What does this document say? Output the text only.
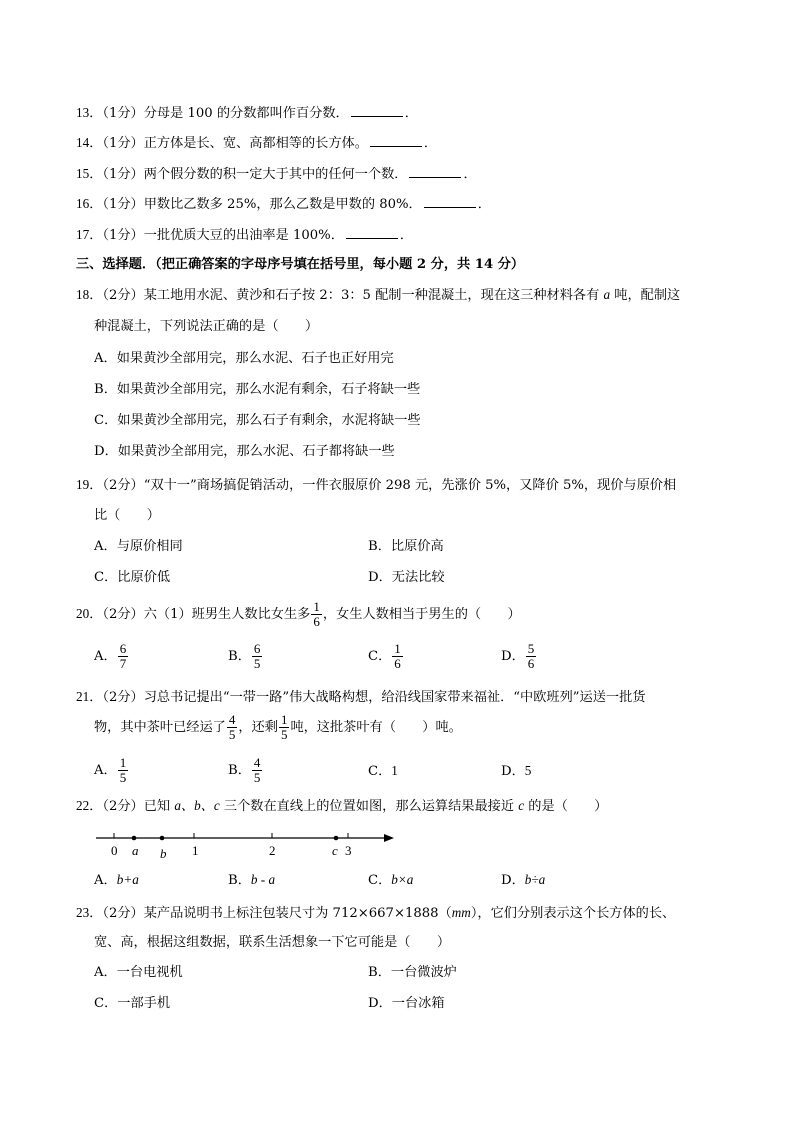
13．（1分）分母是 100 的分数都叫作百分数．	．
14．（1分）正方体是长、宽、高都相等的长方体。	．
15．（1分）两个假分数的积一定大于其中的任何一个数．	．
16．（1分）甲数比乙数多 25%，那么乙数是甲数的 80%．	．
17．（1分）一批优质大豆的出油率是 100%．	．
三、选择题．（把正确答案的字母序号填在括号里，每小题 2 分，共 14 分）
18．（2分）某工地用水泥、黄沙和石子按 2：3：5 配制一种混凝土，现在这三种材料各有 a 吨，配制这
种混凝土，下列说法正确的是（　　）
A．如果黄沙全部用完，那么水泥、石子也正好用完
B．如果黄沙全部用完，那么水泥有剩余，石子将缺一些
C．如果黄沙全部用完，那么石子有剩余，水泥将缺一些
D．如果黄沙全部用完，那么水泥、石子都将缺一些
19．（2分）“双十一”商场搞促销活动，一件衣服原价 298 元，先涨价 5%，又降价 5%，现价与原价相
比（　　）
A．与原价相同	B．比原价高
C．比原价低	D．无法比较
20．（2分）六（1）班男生人数比女生多 $\frac{1}{6}$ ，女生人数相当于男生的（　　）
A． $\frac{6}{7}$	B． $\frac{6}{5}$	C． $\frac{1}{6}$	D． $\frac{5}{6}$
21．（2分）习总书记提出“一带一路”伟大战略构想，给沿线国家带来福祉．“中欧班列”运送一批货
物，其中茶叶已经运了 $\frac{4}{5}$ ，还剩 $\frac{1}{5}$ 吨，这批茶叶有（　　）吨。
A． $\frac{1}{5}$	B． $\frac{4}{5}$	C．1	D．5
22．（2分）已知 a、b、c 三个数在直线上的位置如图，那么运算结果最接近 c 的是（　　）
0	1	2	3
a b	c
A．b+a	B．b - a	C．b×a	D．b÷a
23．（2分）某产品说明书上标注包装尺寸为 712×667×1888（mm），它们分别表示这个长方体的长、
宽、高，根据这组数据，联系生活想象一下它可能是（　　）
A．一台电视机	B．一台微波炉
C．一部手机	D．一台冰箱
